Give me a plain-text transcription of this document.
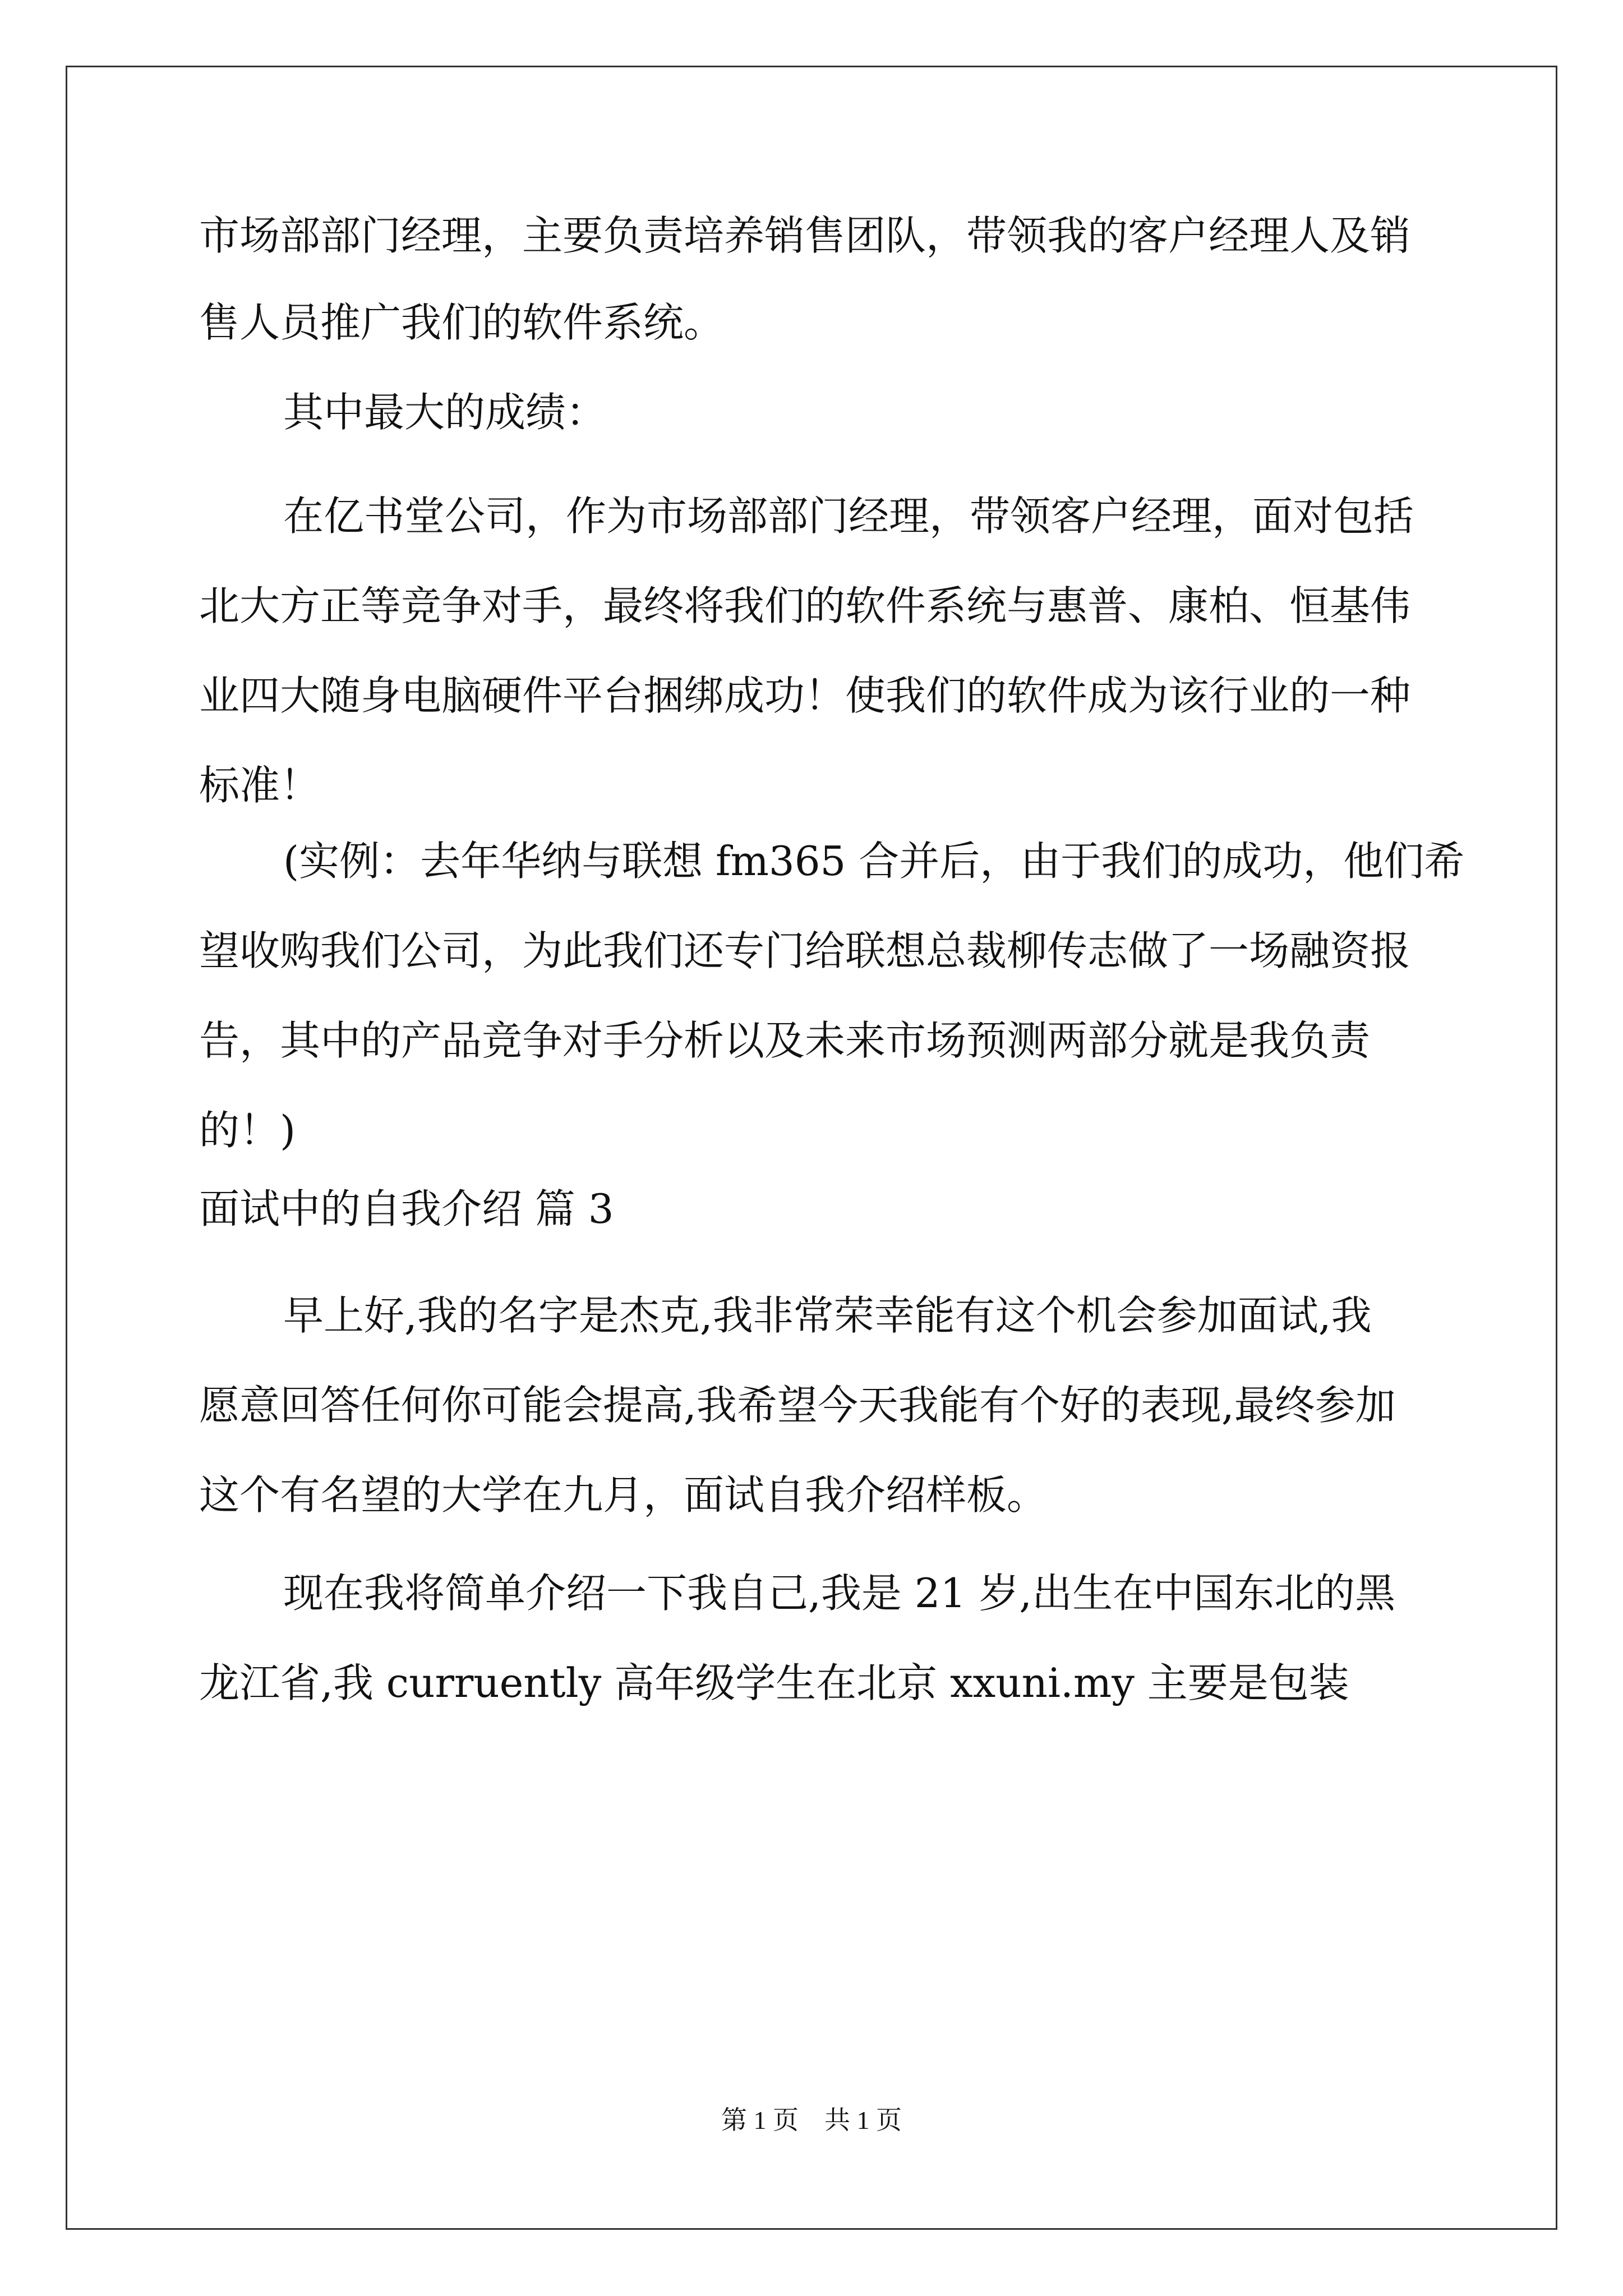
市场部部门经理，主要负责培养销售团队，带领我的客户经理人及销
售人员推广我们的软件系统。
其中最大的成绩：
在亿书堂公司，作为市场部部门经理，带领客户经理，面对包括
北大方正等竞争对手，最终将我们的软件系统与惠普、康柏、恒基伟
业四大随身电脑硬件平台捆绑成功！使我们的软件成为该行业的一种
标准！
(实例：去年华纳与联想 fm365 合并后，由于我们的成功，他们希
望收购我们公司，为此我们还专门给联想总裁柳传志做了一场融资报
告，其中的产品竞争对手分析以及未来市场预测两部分就是我负责
的！)
面试中的自我介绍 篇 3
早上好,我的名字是杰克,我非常荣幸能有这个机会参加面试,我
愿意回答任何你可能会提高,我希望今天我能有个好的表现,最终参加
这个有名望的大学在九月，面试自我介绍样板。
现在我将简单介绍一下我自己,我是 21 岁,出生在中国东北的黑
龙江省,我 curruently 高年级学生在北京 xxuni.my 主要是包装
第 1 页　共 1 页
